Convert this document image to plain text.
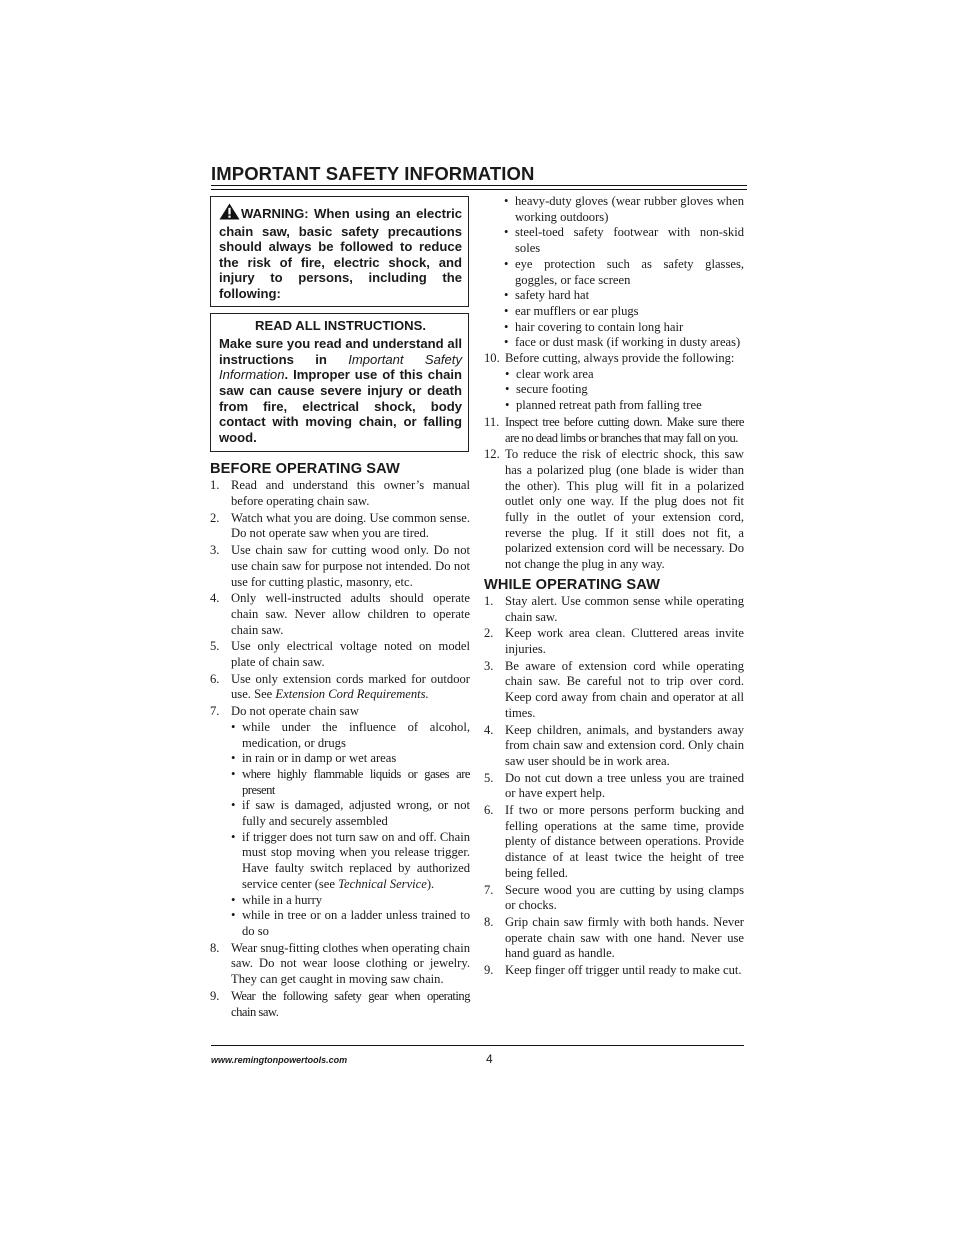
IMPORTANT SAFETY INFORMATION
WARNING: When using an electric chain saw, basic safety precautions should always be followed to reduce the risk of fire, electric shock, and injury to persons, including the following:
READ ALL INSTRUCTIONS.
Make sure you read and understand all instructions in Important Safety Information. Improper use of this chain saw can cause severe injury or death from fire, electrical shock, body contact with moving chain, or falling wood.
BEFORE OPERATING SAW
1. Read and understand this owner’s manual before operating chain saw.
2. Watch what you are doing. Use common sense. Do not operate saw when you are tired.
3. Use chain saw for cutting wood only. Do not use chain saw for purpose not intended. Do not use for cutting plastic, masonry, etc.
4. Only well-instructed adults should operate chain saw. Never allow children to operate chain saw.
5. Use only electrical voltage noted on model plate of chain saw.
6. Use only extension cords marked for outdoor use. See Extension Cord Requirements.
7. Do not operate chain saw
• while under the influence of alcohol, medication, or drugs
• in rain or in damp or wet areas
• where highly flammable liquids or gases are present
• if saw is damaged, adjusted wrong, or not fully and securely assembled
• if trigger does not turn saw on and off. Chain must stop moving when you release trigger. Have faulty switch replaced by authorized service center (see Technical Service).
• while in a hurry
• while in tree or on a ladder unless trained to do so
8. Wear snug-fitting clothes when operating chain saw. Do not wear loose clothing or jewelry. They can get caught in moving saw chain.
9. Wear the following safety gear when operating chain saw.
• heavy-duty gloves (wear rubber gloves when working outdoors)
• steel-toed safety footwear with non-skid soles
• eye protection such as safety glasses, goggles, or face screen
• safety hard hat
• ear mufflers or ear plugs
• hair covering to contain long hair
• face or dust mask (if working in dusty areas)
10. Before cutting, always provide the following:
• clear work area
• secure footing
• planned retreat path from falling tree
11. Inspect tree before cutting down. Make sure there are no dead limbs or branches that may fall on you.
12. To reduce the risk of electric shock, this saw has a polarized plug (one blade is wider than the other). This plug will fit in a polarized outlet only one way. If the plug does not fit fully in the outlet of your extension cord, reverse the plug. If it still does not fit, a polarized extension cord will be necessary. Do not change the plug in any way.
WHILE OPERATING SAW
1. Stay alert. Use common sense while operating chain saw.
2. Keep work area clean. Cluttered areas invite injuries.
3. Be aware of extension cord while operating chain saw. Be careful not to trip over cord. Keep cord away from chain and operator at all times.
4. Keep children, animals, and bystanders away from chain saw and extension cord. Only chain saw user should be in work area.
5. Do not cut down a tree unless you are trained or have expert help.
6. If two or more persons perform bucking and felling operations at the same time, provide plenty of distance between operations. Provide distance of at least twice the height of tree being felled.
7. Secure wood you are cutting by using clamps or chocks.
8. Grip chain saw firmly with both hands. Never operate chain saw with one hand. Never use hand guard as handle.
9. Keep finger off trigger until ready to make cut.
www.remingtonpowertools.com	4
